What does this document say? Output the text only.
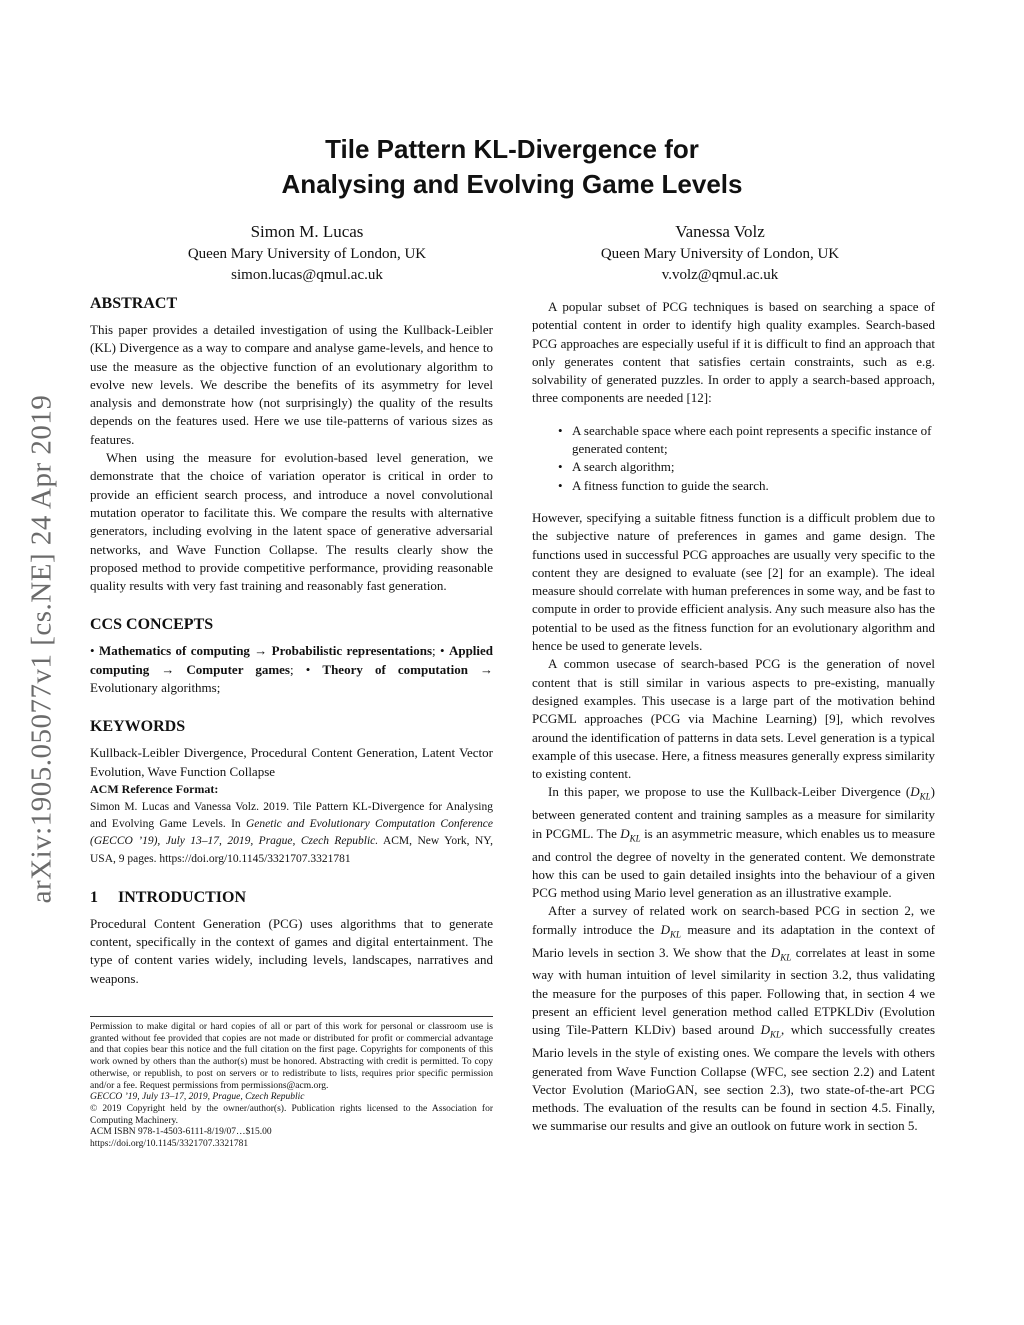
arXiv:1905.05077v1 [cs.NE] 24 Apr 2019
Tile Pattern KL-Divergence for
Analysing and Evolving Game Levels
Simon M. Lucas
Queen Mary University of London, UK
simon.lucas@qmul.ac.uk
Vanessa Volz
Queen Mary University of London, UK
v.volz@qmul.ac.uk
ABSTRACT

This paper provides a detailed investigation of using the Kullback-Leibler (KL) Divergence as a way to compare and analyse game-levels, and hence to use the measure as the objective function of an evolutionary algorithm to evolve new levels. We describe the benefits of its asymmetry for level analysis and demonstrate how (not surprisingly) the quality of the results depends on the features used. Here we use tile-patterns of various sizes as features.

When using the measure for evolution-based level generation, we demonstrate that the choice of variation operator is critical in order to provide an efficient search process, and introduce a novel convolutional mutation operator to facilitate this. We compare the results with alternative generators, including evolving in the latent space of generative adversarial networks, and Wave Function Collapse. The results clearly show the proposed method to provide competitive performance, providing reasonable quality results with very fast training and reasonably fast generation.

CCS CONCEPTS

• Mathematics of computing → Probabilistic representations; • Applied computing → Computer games; • Theory of computation → Evolutionary algorithms;

KEYWORDS

Kullback-Leibler Divergence, Procedural Content Generation, Latent Vector Evolution, Wave Function Collapse

ACM Reference Format:

Simon M. Lucas and Vanessa Volz. 2019. Tile Pattern KL-Divergence for Analysing and Evolving Game Levels. In Genetic and Evolutionary Computation Conference (GECCO ’19), July 13–17, 2019, Prague, Czech Republic. ACM, New York, NY, USA, 9 pages. https://doi.org/10.1145/3321707.3321781

1 INTRODUCTION

Procedural Content Generation (PCG) uses algorithms that to generate content, specifically in the context of games and digital entertainment. The type of content varies widely, including levels, landscapes, narratives and weapons.

Permission to make digital or hard copies of all or part of this work for personal or classroom use is granted without fee provided that copies are not made or distributed for profit or commercial advantage and that copies bear this notice and the full citation on the first page. Copyrights for components of this work owned by others than the author(s) must be honored. Abstracting with credit is permitted. To copy otherwise, or republish, to post on servers or to redistribute to lists, requires prior specific permission and/or a fee. Request permissions from permissions@acm.org.

GECCO ’19, July 13–17, 2019, Prague, Czech Republic

© 2019 Copyright held by the owner/author(s). Publication rights licensed to the Association for Computing Machinery.

ACM ISBN 978-1-4503-6111-8/19/07…$15.00

https://doi.org/10.1145/3321707.3321781

A popular subset of PCG techniques is based on searching a space of potential content in order to identify high quality examples. Search-based PCG approaches are especially useful if it is difficult to find an approach that only generates content that satisfies certain constraints, such as e.g. solvability of generated puzzles. In order to apply a search-based approach, three components are needed [12]:

• A searchable space where each point represents a specific instance of generated content;
• A search algorithm;
• A fitness function to guide the search.

However, specifying a suitable fitness function is a difficult problem due to the subjective nature of preferences in games and game design. The functions used in successful PCG approaches are usually very specific to the content they are designed to evaluate (see [2] for an example). The ideal measure should correlate with human preferences in some way, and be fast to compute in order to provide efficient analysis. Any such measure also has the potential to be used as the fitness function for an evolutionary algorithm and hence be used to generate levels.

A common usecase of search-based PCG is the generation of novel content that is still similar in various aspects to pre-existing, manually designed examples. This usecase is a large part of the motivation behind PCGML approaches (PCG via Machine Learning) [9], which revolves around the identification of patterns in data sets. Level generation is a typical example of this usecase. Here, a fitness measures generally express similarity to existing content.

In this paper, we propose to use the Kullback-Leiber Divergence $(D_{KL})$ between generated content and training samples as a measure for similarity in PCGML. The $D_{KL}$ is an asymmetric measure, which enables us to measure and control the degree of novelty in the generated content. We demonstrate how this can be used to gain detailed insights into the behaviour of a given PCG method using Mario level generation as an illustrative example.

After a survey of related work on search-based PCG in section 2, we formally introduce the $D_{KL}$ measure and its adaptation in the context of Mario levels in section 3. We show that the $D_{KL}$ correlates at least in some way with human intuition of level similarity in section 3.2, thus validating the measure for the purposes of this paper. Following that, in section 4 we present an efficient level generation method called ETPKLDiv (Evolution using Tile-Pattern KLDiv) based around $D_{KL}$, which successfully creates Mario levels in the style of existing ones. We compare the levels with others generated from Wave Function Collapse (WFC, see section 2.2) and Latent Vector Evolution (MarioGAN, see section 2.3), two state-of-the-art PCG methods. The evaluation of the results can be found in section 4.5. Finally, we summarise our results and give an outlook on future work in section 5.
